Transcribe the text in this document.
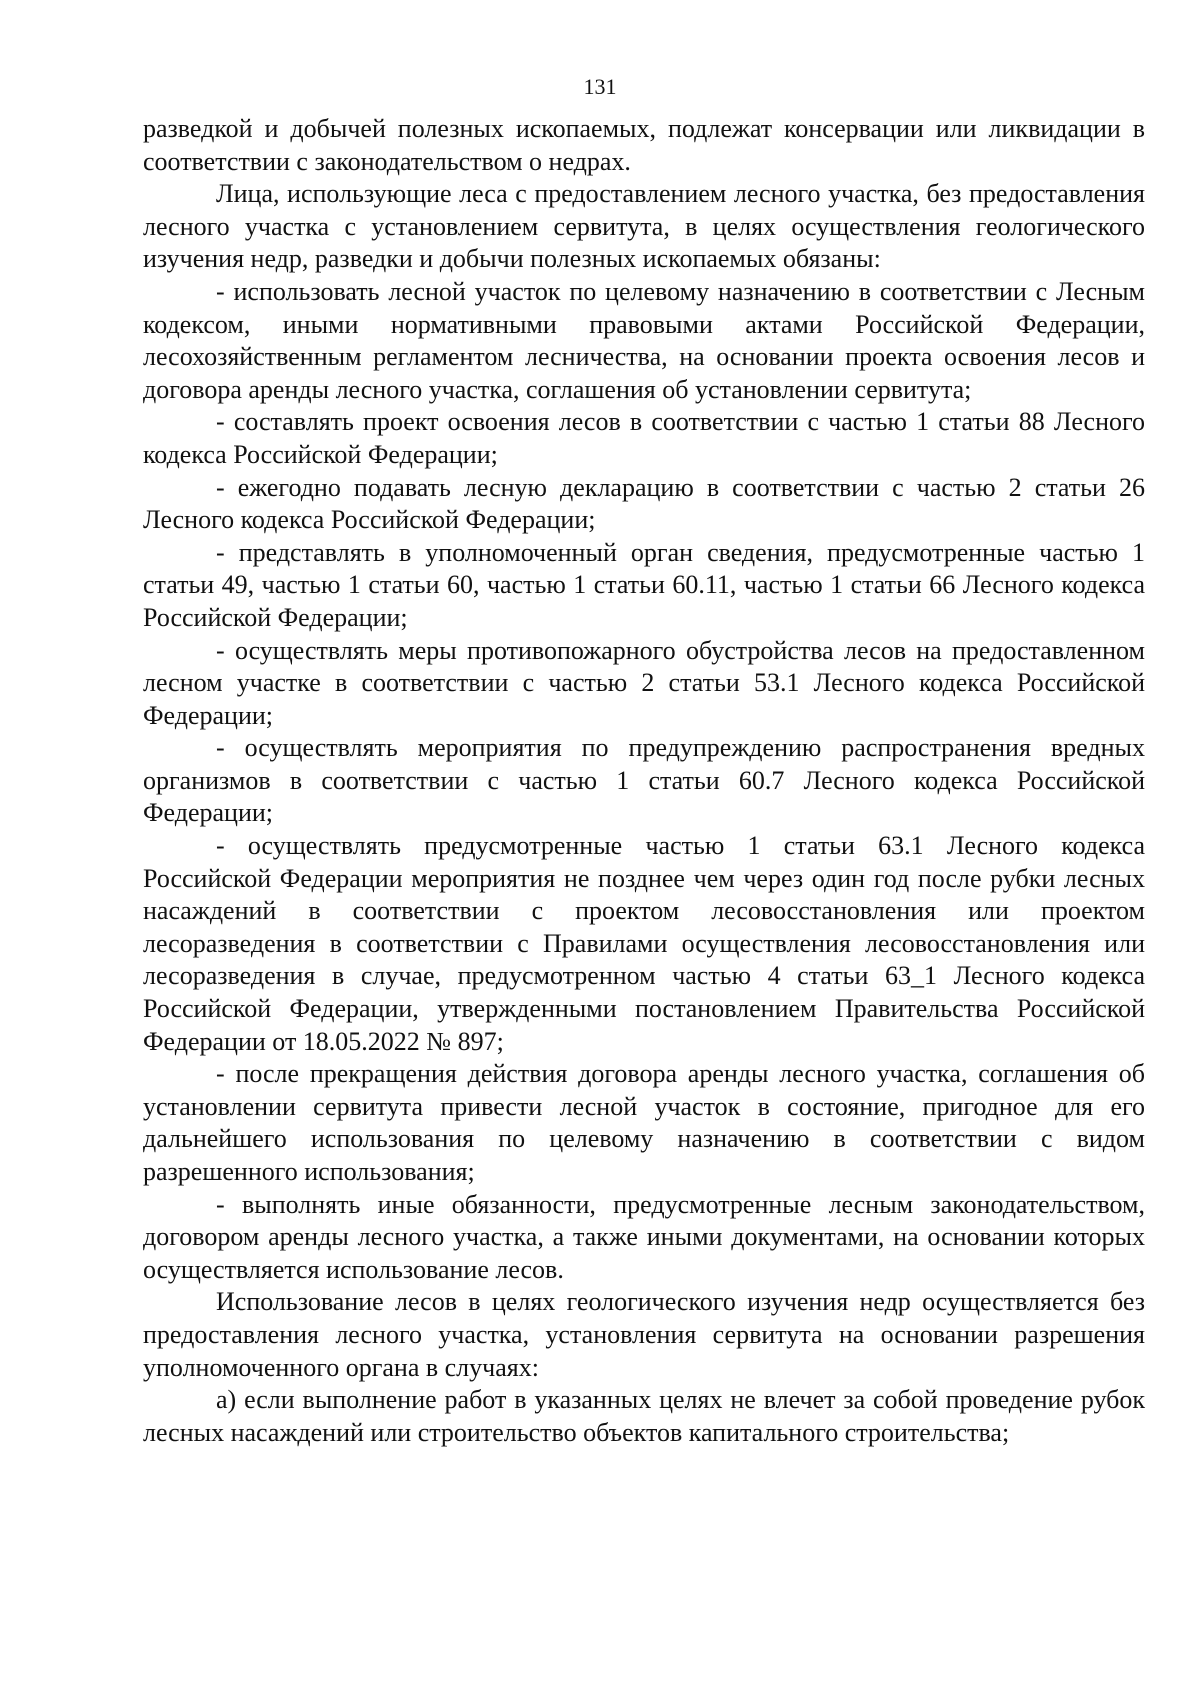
131

разведкой и добычей полезных ископаемых, подлежат консервации или ликвидации в соответствии с законодательством о недрах.

Лица, использующие леса с предоставлением лесного участка, без предоставления лесного участка с установлением сервитута, в целях осуществления геологического изучения недр, разведки и добычи полезных ископаемых обязаны:

- использовать лесной участок по целевому назначению в соответствии с Лесным кодексом, иными нормативными правовыми актами Российской Федерации, лесохозяйственным регламентом лесничества, на основании проекта освоения лесов и договора аренды лесного участка, соглашения об установлении сервитута;

- составлять проект освоения лесов в соответствии с частью 1 статьи 88 Лесного кодекса Российской Федерации;

- ежегодно подавать лесную декларацию в соответствии с частью 2 статьи 26 Лесного кодекса Российской Федерации;

- представлять в уполномоченный орган сведения, предусмотренные частью 1 статьи 49, частью 1 статьи 60, частью 1 статьи 60.11, частью 1 статьи 66 Лесного кодекса Российской Федерации;

- осуществлять меры противопожарного обустройства лесов на предоставленном лесном участке в соответствии с частью 2 статьи 53.1 Лесного кодекса Российской Федерации;

- осуществлять мероприятия по предупреждению распространения вредных организмов в соответствии с частью 1 статьи 60.7 Лесного кодекса Российской Федерации;

- осуществлять предусмотренные частью 1 статьи 63.1 Лесного кодекса Российской Федерации мероприятия не позднее чем через один год после рубки лесных насаждений в соответствии с проектом лесовосстановления или проектом лесоразведения в соответствии с Правилами осуществления лесовосстановления или лесоразведения в случае, предусмотренном частью 4 статьи 63_1 Лесного кодекса Российской Федерации, утвержденными постановлением Правительства Российской Федерации от 18.05.2022 № 897;

- после прекращения действия договора аренды лесного участка, соглашения об установлении сервитута привести лесной участок в состояние, пригодное для его дальнейшего использования по целевому назначению в соответствии с видом разрешенного использования;

- выполнять иные обязанности, предусмотренные лесным законодательством, договором аренды лесного участка, а также иными документами, на основании которых осуществляется использование лесов.

Использование лесов в целях геологического изучения недр осуществляется без предоставления лесного участка, установления сервитута на основании разрешения уполномоченного органа в случаях:

а) если выполнение работ в указанных целях не влечет за собой проведение рубок лесных насаждений или строительство объектов капитального строительства;
